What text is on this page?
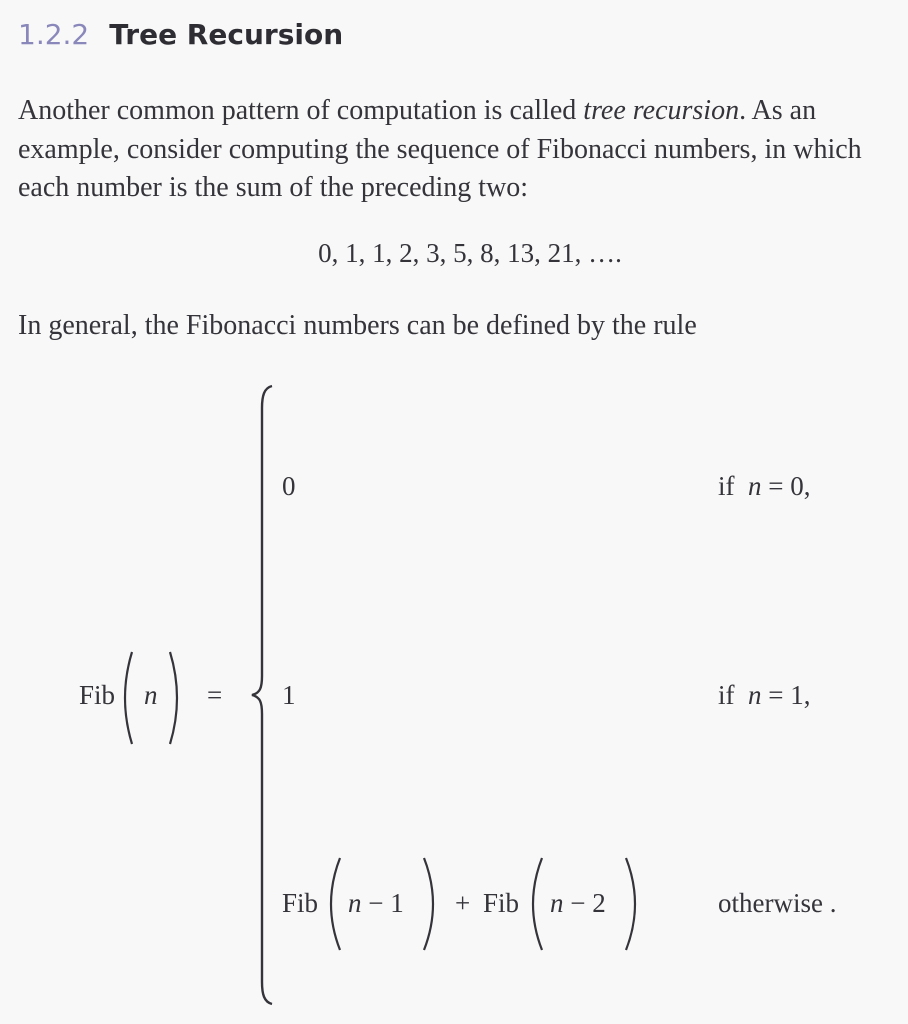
1.2.2 Tree Recursion

Another common pattern of computation is called tree recursion. As an example, consider computing the sequence of Fibonacci numbers, in which each number is the sum of the preceding two:

0, 1, 1, 2, 3, 5, 8, 13, 21, ….

In general, the Fibonacci numbers can be defined by the rule

Fib n =
0	if n = 0,
1	if n = 1,
Fib n − 1 + Fib n − 2	otherwise .
